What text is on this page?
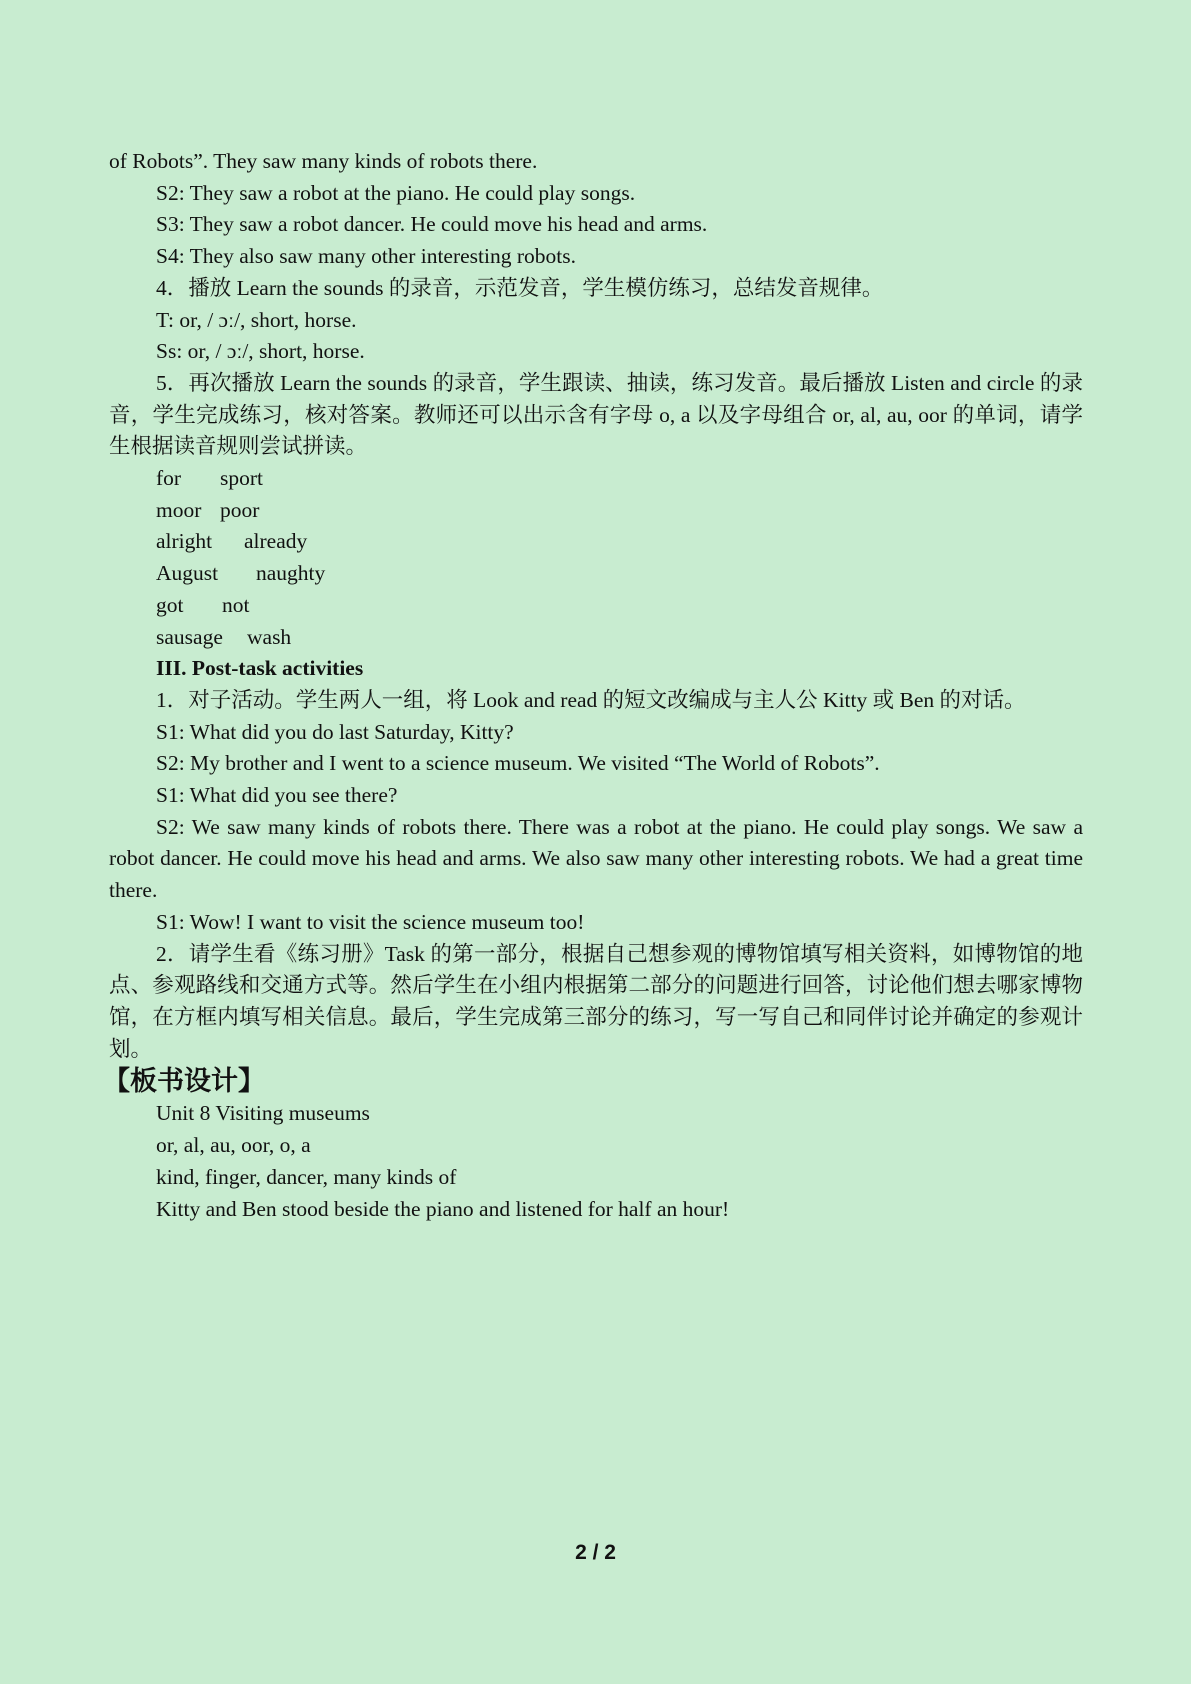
of Robots”. They saw many kinds of robots there.
S2: They saw a robot at the piano. He could play songs.
S3: They saw a robot dancer. He could move his head and arms.
S4: They also saw many other interesting robots.
4．播放 Learn the sounds 的录音，示范发音，学生模仿练习，总结发音规律。
T: or, / ɔː/, short, horse.
Ss: or, / ɔː/, short, horse.
5．再次播放 Learn the sounds 的录音，学生跟读、抽读，练习发音。最后播放 Listen and circle 的录音，学生完成练习，核对答案。教师还可以出示含有字母 o, a 以及字母组合 or, al, au, oor 的单词，请学生根据读音规则尝试拼读。
for sport
moor poor
alright already
August naughty
got not
sausage wash
III. Post-task activities
1．对子活动。学生两人一组，将 Look and read 的短文改编成与主人公 Kitty 或 Ben 的对话。
S1: What did you do last Saturday, Kitty?
S2: My brother and I went to a science museum. We visited “The World of Robots”.
S1: What did you see there?
S2: We saw many kinds of robots there. There was a robot at the piano. He could play songs. We saw a robot dancer. He could move his head and arms. We also saw many other interesting robots. We had a great time there.
S1: Wow! I want to visit the science museum too!
2．请学生看《练习册》Task 的第一部分，根据自己想参观的博物馆填写相关资料，如博物馆的地点、参观路线和交通方式等。然后学生在小组内根据第二部分的问题进行回答，讨论他们想去哪家博物馆，在方框内填写相关信息。最后，学生完成第三部分的练习，写一写自己和同伴讨论并确定的参观计划。
【板书设计】
Unit 8 Visiting museums
or, al, au, oor, o, a
kind, finger, dancer, many kinds of
Kitty and Ben stood beside the piano and listened for half an hour!
2 / 2
